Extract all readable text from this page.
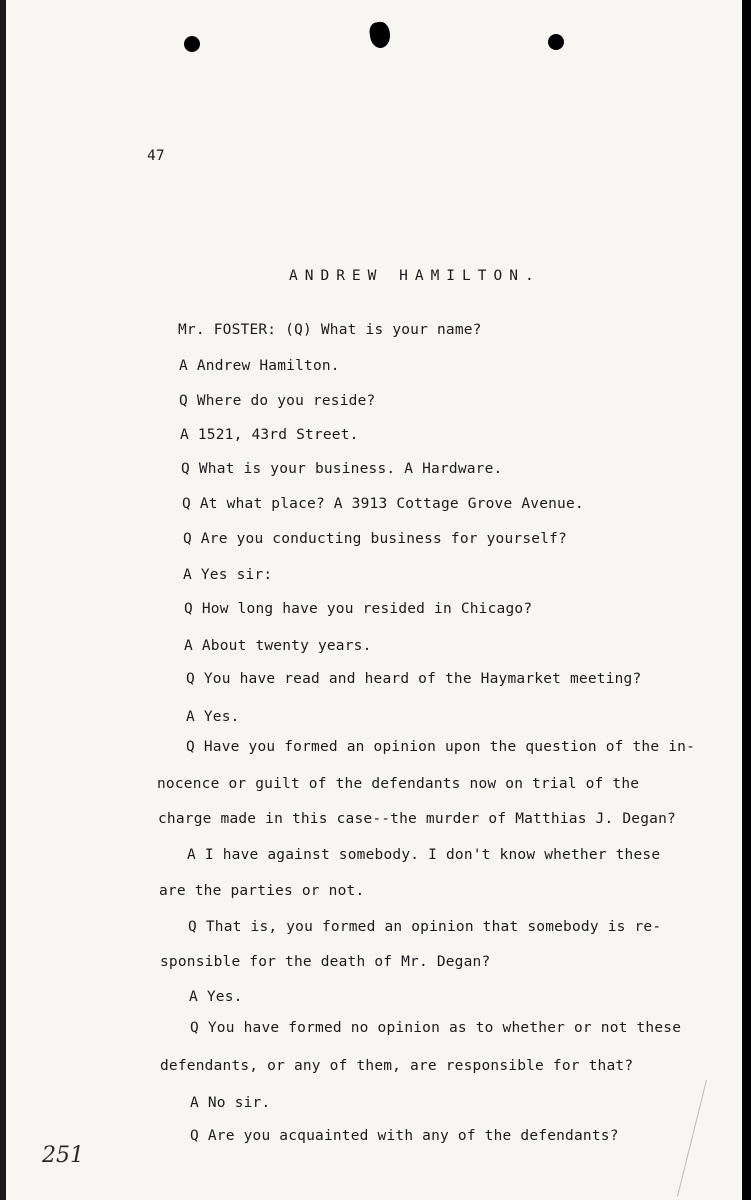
47
ANDREW HAMILTON.
Mr. FOSTER: (Q) What is your name?
A Andrew Hamilton.
Q Where do you reside?
A 1521, 43rd Street.
Q What is your business. A Hardware.
Q At what place? A 3913 Cottage Grove Avenue.
Q Are you conducting business for yourself?
A Yes sir:
Q How long have you resided in Chicago?
A About twenty years.
Q You have read and heard of the Haymarket meeting?
A Yes.
Q Have you formed an opinion upon the question of the in-
nocence or guilt of the defendants now on trial of the
charge made in this case--the murder of Matthias J. Degan?
A I have against somebody. I don't know whether these
are the parties or not.
Q That is, you formed an opinion that somebody is re-
sponsible for the death of Mr. Degan?
A Yes.
Q You have formed no opinion as to whether or not these
defendants, or any of them, are responsible for that?
A No sir.
Q Are you acquainted with any of the defendants?
251
